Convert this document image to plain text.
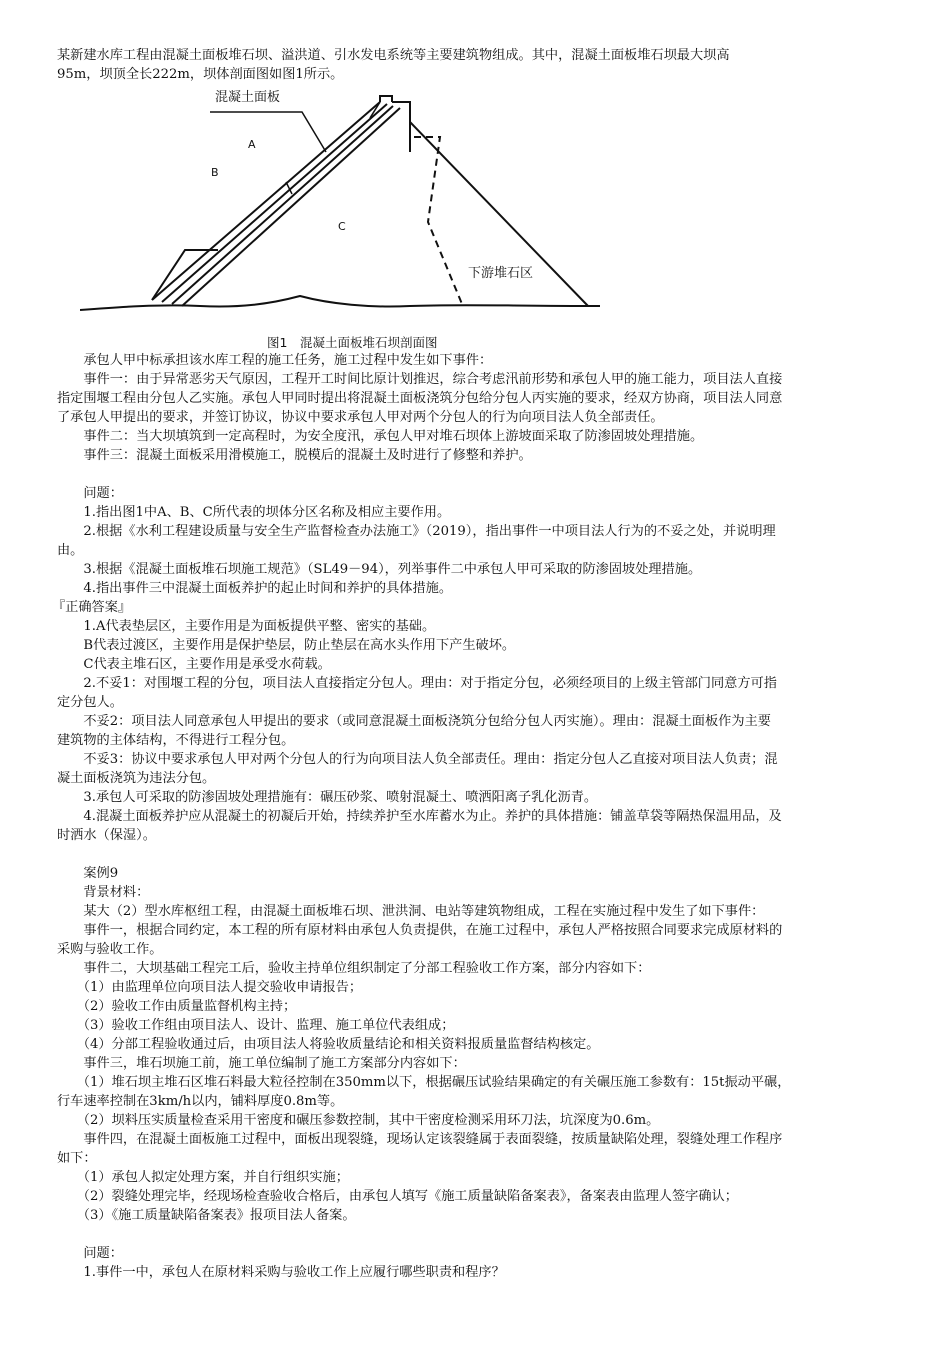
某新建水库工程由混凝土面板堆石坝、溢洪道、引水发电系统等主要建筑物组成。其中，混凝土面板堆石坝最大坝高
95m，坝顶全长222m，坝体剖面图如图1所示。
混凝土面板
A
B
C
下游堆石区
图1　混凝土面板堆石坝剖面图
　　承包人甲中标承担该水库工程的施工任务，施工过程中发生如下事件：
　　事件一：由于异常恶劣天气原因，工程开工时间比原计划推迟，综合考虑汛前形势和承包人甲的施工能力，项目法人直接
指定围堰工程由分包人乙实施。承包人甲同时提出将混凝土面板浇筑分包给分包人丙实施的要求，经双方协商，项目法人同意
了承包人甲提出的要求，并签订协议，协议中要求承包人甲对两个分包人的行为向项目法人负全部责任。
　　事件二：当大坝填筑到一定高程时，为安全度汛，承包人甲对堆石坝体上游坡面采取了防渗固坡处理措施。
　　事件三：混凝土面板采用滑模施工，脱模后的混凝土及时进行了修整和养护。
　　问题：
　　1.指出图1中A、B、C所代表的坝体分区名称及相应主要作用。
　　2.根据《水利工程建设质量与安全生产监督检查办法施工》（2019），指出事件一中项目法人行为的不妥之处，并说明理
由。
　　3.根据《混凝土面板堆石坝施工规范》（SL49－94），列举事件二中承包人甲可采取的防渗固坡处理措施。
　　4.指出事件三中混凝土面板养护的起止时间和养护的具体措施。
『正确答案』
　　1.A代表垫层区，主要作用是为面板提供平整、密实的基础。
　　B代表过渡区，主要作用是保护垫层，防止垫层在高水头作用下产生破坏。
　　C代表主堆石区，主要作用是承受水荷载。
　　2.不妥1：对围堰工程的分包，项目法人直接指定分包人。理由：对于指定分包，必须经项目的上级主管部门同意方可指
定分包人。
　　不妥2：项目法人同意承包人甲提出的要求（或同意混凝土面板浇筑分包给分包人丙实施）。理由：混凝土面板作为主要
建筑物的主体结构，不得进行工程分包。
　　不妥3：协议中要求承包人甲对两个分包人的行为向项目法人负全部责任。理由：指定分包人乙直接对项目法人负责；混
凝土面板浇筑为违法分包。
　　3.承包人可采取的防渗固坡处理措施有：碾压砂浆、喷射混凝土、喷洒阳离子乳化沥青。
　　4.混凝土面板养护应从混凝土的初凝后开始，持续养护至水库蓄水为止。养护的具体措施：铺盖草袋等隔热保温用品，及
时洒水（保湿）。
　　案例9
　　背景材料：
　　某大（2）型水库枢纽工程，由混凝土面板堆石坝、泄洪洞、电站等建筑物组成，工程在实施过程中发生了如下事件：
　　事件一，根据合同约定，本工程的所有原材料由承包人负责提供，在施工过程中，承包人严格按照合同要求完成原材料的
采购与验收工作。
　　事件二，大坝基础工程完工后，验收主持单位组织制定了分部工程验收工作方案，部分内容如下：
　　（1）由监理单位向项目法人提交验收申请报告；
　　（2）验收工作由质量监督机构主持；
　　（3）验收工作组由项目法人、设计、监理、施工单位代表组成；
　　（4）分部工程验收通过后，由项目法人将验收质量结论和相关资料报质量监督结构核定。
　　事件三，堆石坝施工前，施工单位编制了施工方案部分内容如下：
　　（1）堆石坝主堆石区堆石料最大粒径控制在350mm以下，根据碾压试验结果确定的有关碾压施工参数有：15t振动平碾，
行车速率控制在3km/h以内，铺料厚度0.8m等。
　　（2）坝料压实质量检查采用干密度和碾压参数控制，其中干密度检测采用环刀法，坑深度为0.6m。
　　事件四，在混凝土面板施工过程中，面板出现裂缝，现场认定该裂缝属于表面裂缝，按质量缺陷处理，裂缝处理工作程序
如下：
　　（1）承包人拟定处理方案，并自行组织实施；
　　（2）裂缝处理完毕，经现场检查验收合格后，由承包人填写《施工质量缺陷备案表》，备案表由监理人签字确认；
　　（3）《施工质量缺陷备案表》报项目法人备案。
　　问题：
　　1.事件一中，承包人在原材料采购与验收工作上应履行哪些职责和程序？
